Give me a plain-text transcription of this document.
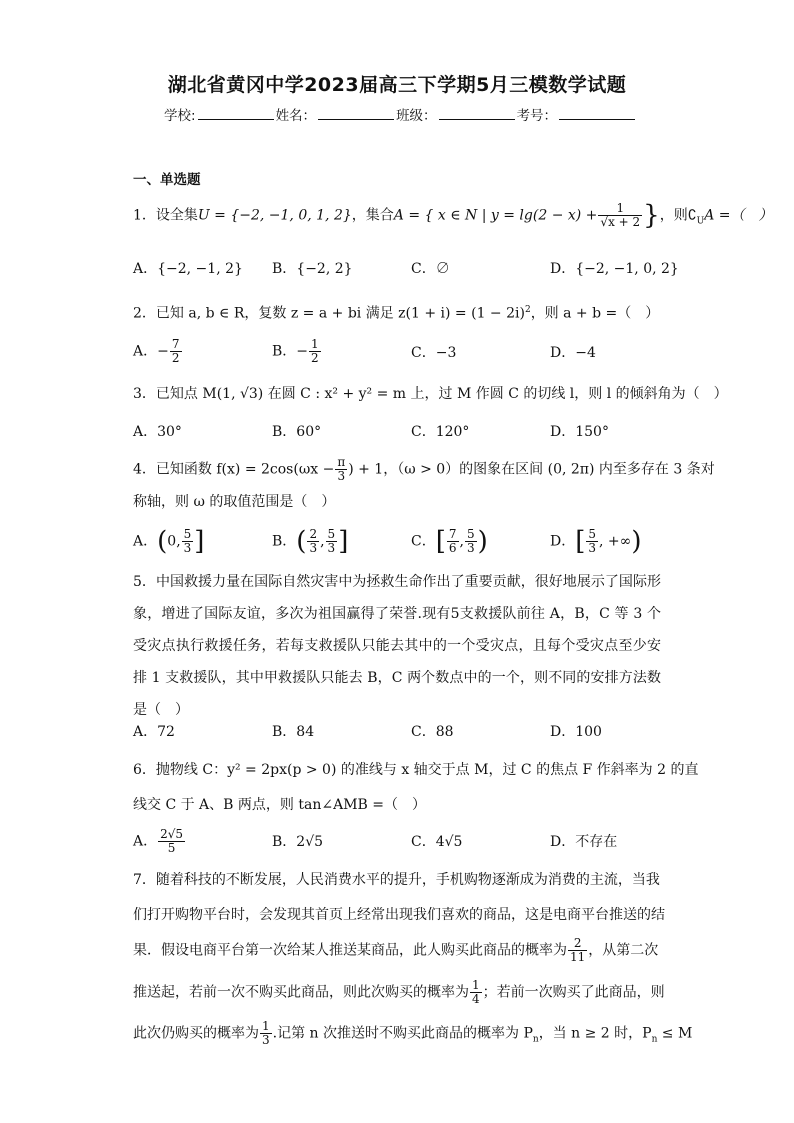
湖北省黄冈中学2023届高三下学期5月三模数学试题
学校:	姓名：	班级：	考号：
一、单选题
1．设全集U = {−2, −1, 0, 1, 2}，集合A = { x ∈ N | $y = \lg(2 - x) + \frac{1}{√x + 2}$ }，则$∁_UA$ =（　）
A．{−2, −1, 2} B．{−2, 2}	C．∅	D．{−2, −1, 0, 2}
2．已知 a, b ∈ R，复数 z = a + bi 满足 $z(1 + i) = (1 - 2i)^2$，则 a + b =（　）
A．− $\frac{7}{2}$	B．− $\frac{1}{2}$	C．−3	D．−4
3．已知点 M(1, √3) 在圆 C : x² + y² = m 上，过 M 作圆 C 的切线 l，则 l 的倾斜角为（　）
A．30°	B．60°	C．120°	D．150°
4．已知函数 $f(x) = 2\cos(\omega x - \frac{\pi}{3}$ ) + 1，（ω > 0）的图象在区间 (0, 2π) 内至多存在 3 条对
称轴，则 ω 的取值范围是（　）
A．(0, $\frac{5}{3}$ ]	B．( $\frac{2}{3}$ , $\frac{5}{3}$ ]	C．[ $\frac{7}{6}$ , $\frac{5}{3}$ )	D．[ $\frac{5}{3}$ , +∞)
5．中国救援力量在国际自然灾害中为拯救生命作出了重要贡献，很好地展示了国际形象，增进了国际友谊，多次为祖国赢得了荣誉.现有5支救援队前往 A，B，C 等 3 个受灾点执行救援任务，若每支救援队只能去其中的一个受灾点，且每个受灾点至少安排 1 支救援队，其中甲救援队只能去 B，C 两个数点中的一个，则不同的安排方法数是（　）
A．72	B．84	C．88	D．100
6．抛物线 C：y² = 2px(p > 0) 的准线与 x 轴交于点 M，过 C 的焦点 F 作斜率为 2 的直
线交 C 于 A、B 两点，则 tan∠AMB =（　）
A． $\frac{2√5}{5}$	B．2√5	C．4√5	D．不存在
7．随着科技的不断发展，人民消费水平的提升，手机购物逐渐成为消费的主流，当我
们打开购物平台时，会发现其首页上经常出现我们喜欢的商品，这是电商平台推送的结
果．假设电商平台第一次给某人推送某商品，此人购买此商品的概率为 $\frac{2}{11}$ ，从第二次
推送起，若前一次不购买此商品，则此次购买的概率为 $\frac{1}{4}$ ；若前一次购买了此商品，则
此次仍购买的概率为 $\frac{1}{3}$ .记第 n 次推送时不购买此商品的概率为 $P_n$，当 n ≥ 2 时，$P_n \le M$
